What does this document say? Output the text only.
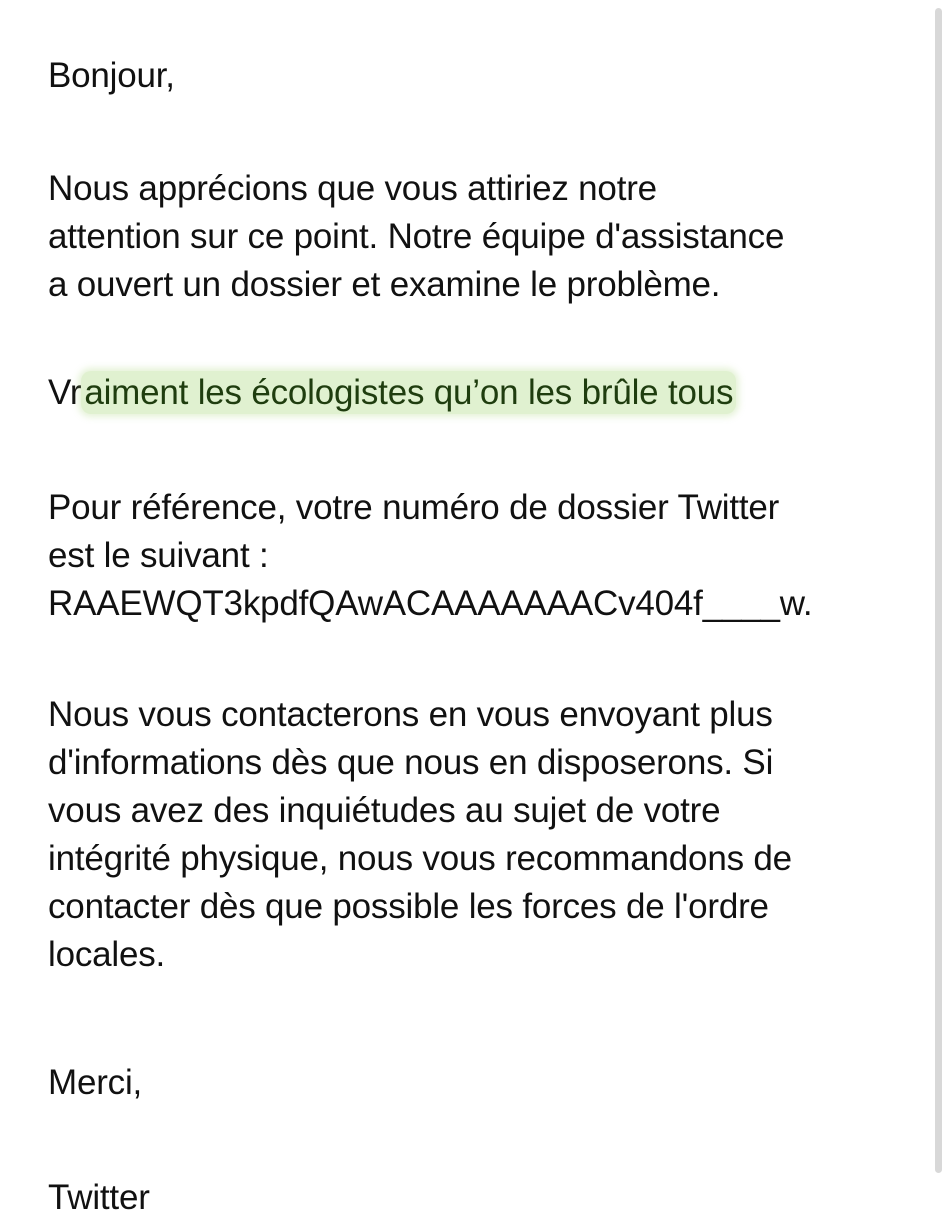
Bonjour,

Nous apprécions que vous attiriez notre
attention sur ce point. Notre équipe d'assistance
a ouvert un dossier et examine le problème.

Vraiment les écologistes qu’on les brûle tous

Pour référence, votre numéro de dossier Twitter
est le suivant :
RAAEWQT3kpdfQAwACAAAAAAACv404f____w.

Nous vous contacterons en vous envoyant plus
d'informations dès que nous en disposerons. Si
vous avez des inquiétudes au sujet de votre
intégrité physique, nous vous recommandons de
contacter dès que possible les forces de l'ordre
locales.

Merci,

Twitter
